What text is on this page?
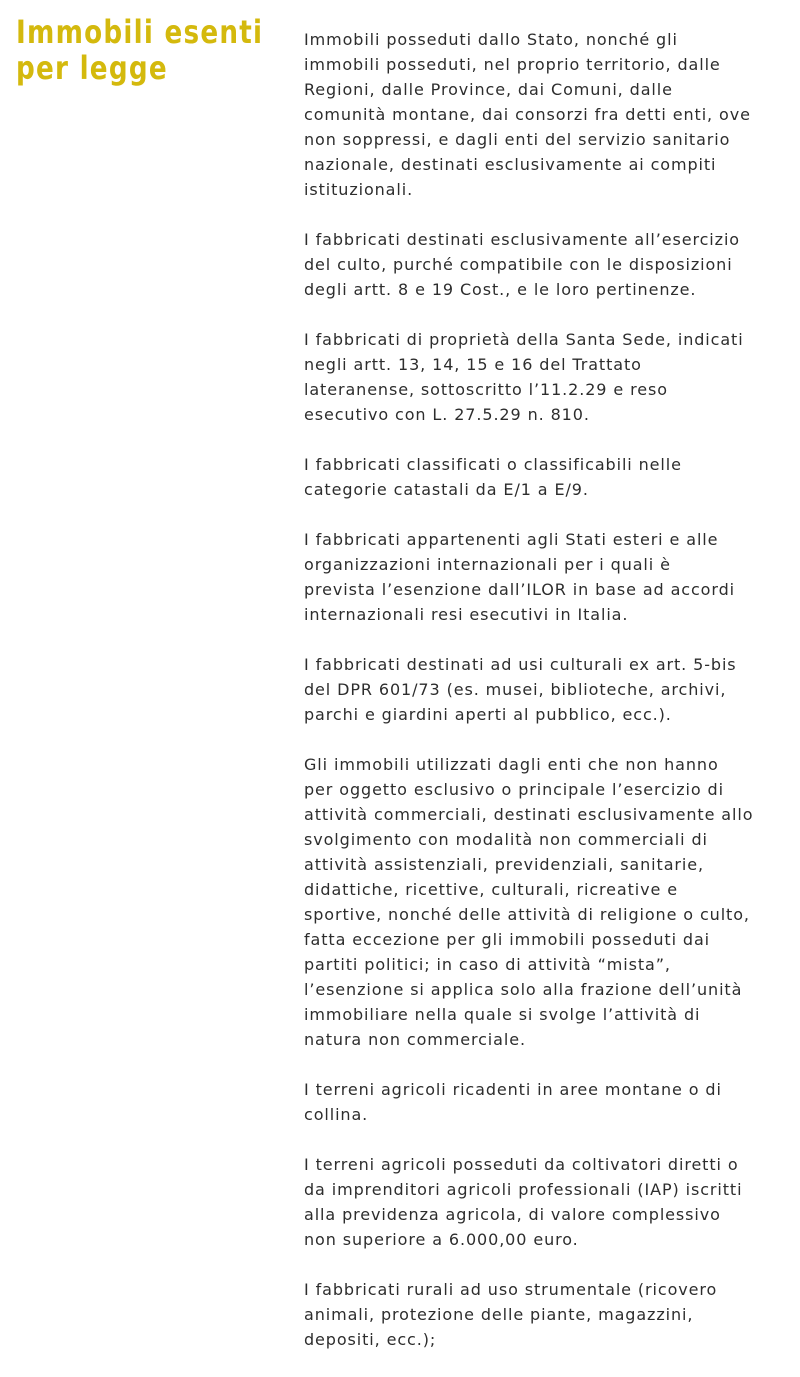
Immobili esenti
per legge

Immobili posseduti dallo Stato, nonché gli
immobili posseduti, nel proprio territorio, dalle
Regioni, dalle Province, dai Comuni, dalle
comunità montane, dai consorzi fra detti enti, ove
non soppressi, e dagli enti del servizio sanitario
nazionale, destinati esclusivamente ai compiti
istituzionali.

I fabbricati destinati esclusivamente all’esercizio
del culto, purché compatibile con le disposizioni
degli artt. 8 e 19 Cost., e le loro pertinenze.

I fabbricati di proprietà della Santa Sede, indicati
negli artt. 13, 14, 15 e 16 del Trattato
lateranense, sottoscritto l’11.2.29 e reso
esecutivo con L. 27.5.29 n. 810.

I fabbricati classificati o classificabili nelle
categorie catastali da E/1 a E/9.

I fabbricati appartenenti agli Stati esteri e alle
organizzazioni internazionali per i quali è
prevista l’esenzione dall’ILOR in base ad accordi
internazionali resi esecutivi in Italia.

I fabbricati destinati ad usi culturali ex art. 5-bis
del DPR 601/73 (es. musei, biblioteche, archivi,
parchi e giardini aperti al pubblico, ecc.).

Gli immobili utilizzati dagli enti che non hanno
per oggetto esclusivo o principale l’esercizio di
attività commerciali, destinati esclusivamente allo
svolgimento con modalità non commerciali di
attività assistenziali, previdenziali, sanitarie,
didattiche, ricettive, culturali, ricreative e
sportive, nonché delle attività di religione o culto,
fatta eccezione per gli immobili posseduti dai
partiti politici; in caso di attività “mista”,
l’esenzione si applica solo alla frazione dell’unità
immobiliare nella quale si svolge l’attività di
natura non commerciale.

I terreni agricoli ricadenti in aree montane o di
collina.

I terreni agricoli posseduti da coltivatori diretti o
da imprenditori agricoli professionali (IAP) iscritti
alla previdenza agricola, di valore complessivo
non superiore a 6.000,00 euro.

I fabbricati rurali ad uso strumentale (ricovero
animali, protezione delle piante, magazzini,
depositi, ecc.);
